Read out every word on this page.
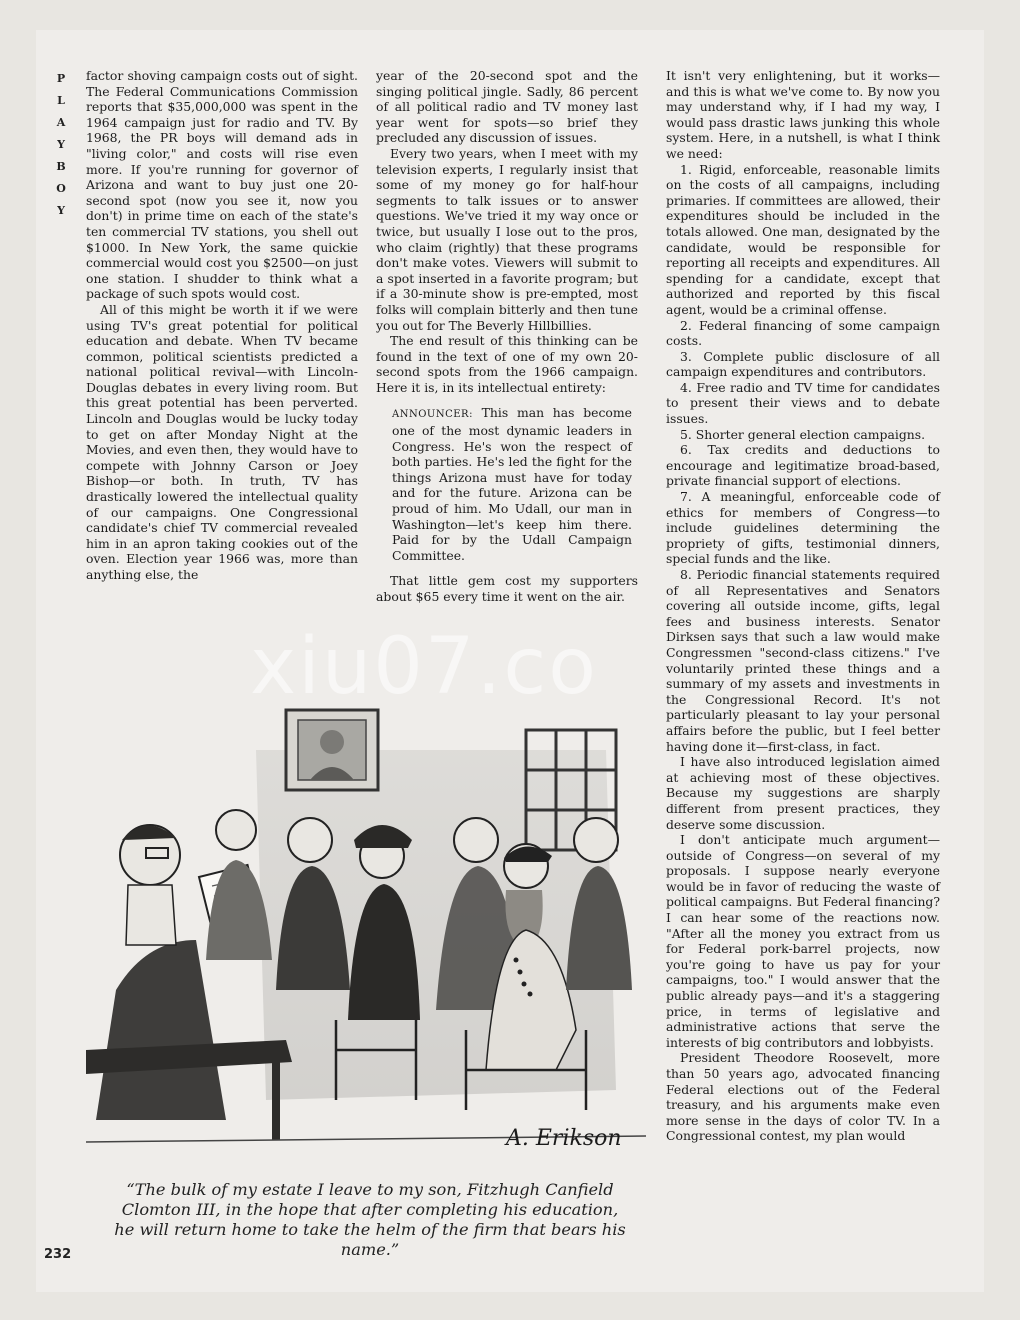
P
L
A
Y
B
O
Y

factor shoving campaign costs out of sight. The Federal Communications Commission reports that $35,000,000 was spent in the 1964 campaign just for radio and TV. By 1968, the PR boys will demand ads in "living color," and costs will rise even more. If you're running for governor of Arizona and want to buy just one 20-second spot (now you see it, now you don't) in prime time on each of the state's ten commercial TV stations, you shell out $1000. In New York, the same quickie commercial would cost you $2500—on just one station. I shudder to think what a package of such spots would cost.

All of this might be worth it if we were using TV's great potential for political education and debate. When TV became common, political scientists predicted a national political revival—with Lincoln-Douglas debates in every living room. But this great potential has been perverted. Lincoln and Douglas would be lucky today to get on after Monday Night at the Movies, and even then, they would have to compete with Johnny Carson or Joey Bishop—or both. In truth, TV has drastically lowered the intellectual quality of our campaigns. One Congressional candidate's chief TV commercial revealed him in an apron taking cookies out of the oven. Election year 1966 was, more than anything else, the

year of the 20-second spot and the singing political jingle. Sadly, 86 percent of all political radio and TV money last year went for spots—so brief they precluded any discussion of issues.

Every two years, when I meet with my television experts, I regularly insist that some of my money go for half-hour segments to talk issues or to answer questions. We've tried it my way once or twice, but usually I lose out to the pros, who claim (rightly) that these programs don't make votes. Viewers will submit to a spot inserted in a favorite program; but if a 30-minute show is pre-empted, most folks will complain bitterly and then tune you out for The Beverly Hillbillies.

The end result of this thinking can be found in the text of one of my own 20-second spots from the 1966 campaign. Here it is, in its intellectual entirety:

ANNOUNCER: This man has become one of the most dynamic leaders in Congress. He's won the respect of both parties. He's led the fight for the things Arizona must have for today and for the future. Arizona can be proud of him. Mo Udall, our man in Washington—let's keep him there. Paid for by the Udall Campaign Committee.

That little gem cost my supporters about $65 every time it went on the air.

It isn't very enlightening, but it works—and this is what we've come to. By now you may understand why, if I had my way, I would pass drastic laws junking this whole system. Here, in a nutshell, is what I think we need:

1. Rigid, enforceable, reasonable limits on the costs of all campaigns, including primaries. If committees are allowed, their expenditures should be included in the totals allowed. One man, designated by the candidate, would be responsible for reporting all receipts and expenditures. All spending for a candidate, except that authorized and reported by this fiscal agent, would be a criminal offense.

2. Federal financing of some campaign costs.

3. Complete public disclosure of all campaign expenditures and contributors.

4. Free radio and TV time for candidates to present their views and to debate issues.

5. Shorter general election campaigns.

6. Tax credits and deductions to encourage and legitimatize broad-based, private financial support of elections.

7. A meaningful, enforceable code of ethics for members of Congress—to include guidelines determining the propriety of gifts, testimonial dinners, special funds and the like.

8. Periodic financial statements required of all Representatives and Senators covering all outside income, gifts, legal fees and business interests. Senator Dirksen says that such a law would make Congressmen "second-class citizens." I've voluntarily printed these things and a summary of my assets and investments in the Congressional Record. It's not particularly pleasant to lay your personal affairs before the public, but I feel better having done it—first-class, in fact.

I have also introduced legislation aimed at achieving most of these objectives. Because my suggestions are sharply different from present practices, they deserve some discussion.

I don't anticipate much argument—outside of Congress—on several of my proposals. I suppose nearly everyone would be in favor of reducing the waste of political campaigns. But Federal financing? I can hear some of the reactions now. "After all the money you extract from us for Federal pork-barrel projects, now you're going to have us pay for your campaigns, too." I would answer that the public already pays—and it's a staggering price, in terms of legislative and administrative actions that serve the interests of big contributors and lobbyists.

President Theodore Roosevelt, more than 50 years ago, advocated financing Federal elections out of the Federal treasury, and his arguments make even more sense in the days of color TV. In a Congressional contest, my plan would

A. Erikson
“The bulk of my estate I leave to my son, Fitzhugh Canfield Clomton III, in the hope that after completing his education, he will return home to take the helm of the firm that bears his name.”
232
xiu07.co
